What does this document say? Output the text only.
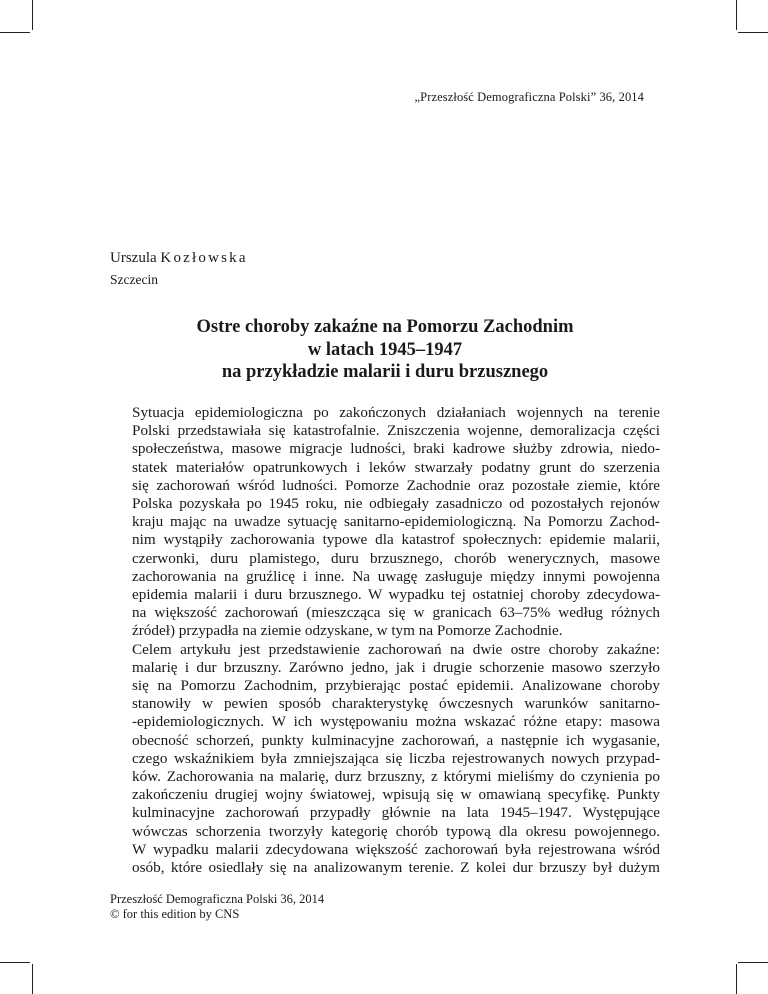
„Przeszłość Demograficzna Polski” 36, 2014
Urszula Kozłowska
Szczecin
Ostre choroby zakaźne na Pomorzu Zachodnim
w latach 1945–1947
na przykładzie malarii i duru brzusznego

Sytuacja epidemiologiczna po zakończonych działaniach wojennych na terenie
Polski przedstawiała się katastrofalnie. Zniszczenia wojenne, demoralizacja części
społeczeństwa, masowe migracje ludności, braki kadrowe służby zdrowia, niedo-
statek materiałów opatrunkowych i leków stwarzały podatny grunt do szerzenia
się zachorowań wśród ludności. Pomorze Zachodnie oraz pozostałe ziemie, które
Polska pozyskała po 1945 roku, nie odbiegały zasadniczo od pozostałych rejonów
kraju mając na uwadze sytuację sanitarno-epidemiologiczną. Na Pomorzu Zachod-
nim wystąpiły zachorowania typowe dla katastrof społecznych: epidemie malarii,
czerwonki, duru plamistego, duru brzusznego, chorób wenerycznych, masowe
zachorowania na gruźlicę i inne. Na uwagę zasługuje między innymi powojenna
epidemia malarii i duru brzusznego. W wypadku tej ostatniej choroby zdecydowa-
na większość zachorowań (mieszcząca się w granicach 63–75% według różnych
źródeł) przypadła na ziemie odzyskane, w tym na Pomorze Zachodnie.

Celem artykułu jest przedstawienie zachorowań na dwie ostre choroby zakaźne:
malarię i dur brzuszny. Zarówno jedno, jak i drugie schorzenie masowo szerzyło
się na Pomorzu Zachodnim, przybierając postać epidemii. Analizowane choroby
stanowiły w pewien sposób charakterystykę ówczesnych warunków sanitarno-
-epidemiologicznych. W ich występowaniu można wskazać różne etapy: masowa
obecność schorzeń, punkty kulminacyjne zachorowań, a następnie ich wygasanie,
czego wskaźnikiem była zmniejszająca się liczba rejestrowanych nowych przypad-
ków. Zachorowania na malarię, durz brzuszny, z którymi mieliśmy do czynienia po
zakończeniu drugiej wojny światowej, wpisują się w omawianą specyfikę. Punkty
kulminacyjne zachorowań przypadły głównie na lata 1945–1947. Występujące
wówczas schorzenia tworzyły kategorię chorób typową dla okresu powojennego.
W wypadku malarii zdecydowana większość zachorowań była rejestrowana wśród
osób, które osiedlały się na analizowanym terenie. Z kolei dur brzuszy był dużym

Przeszłość Demograficzna Polski 36, 2014
© for this edition by CNS
